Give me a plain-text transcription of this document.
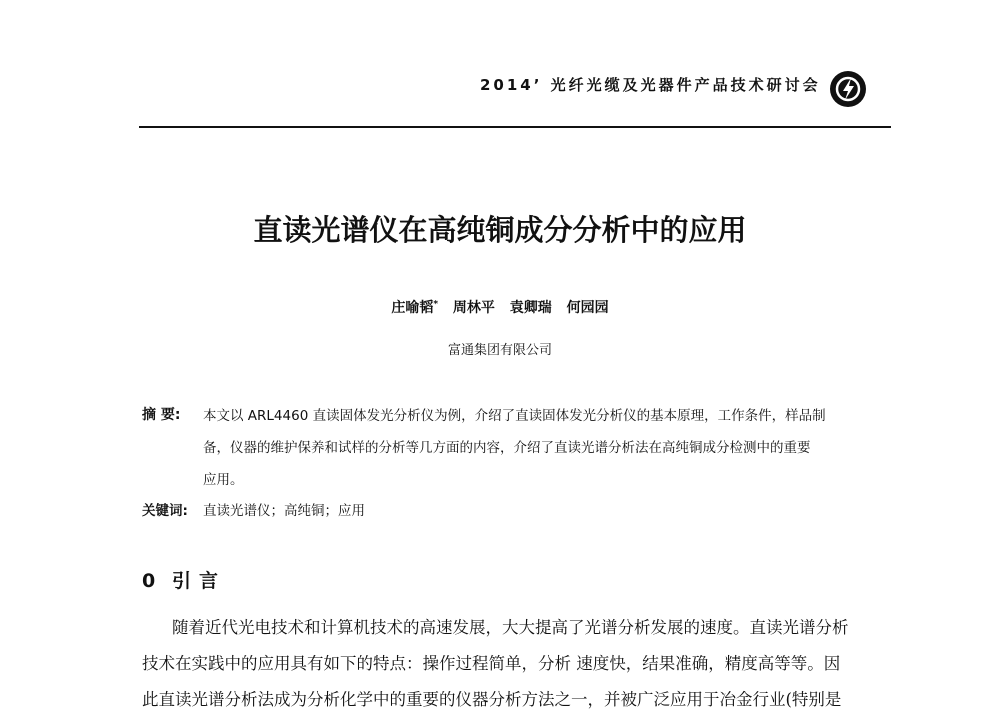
2014’ 光纤光缆及光器件产品技术研讨会
直读光谱仪在高纯铜成分分析中的应用
庄喻韬* 周林平 袁卿瑞 何园园
富通集团有限公司
摘 要: 本文以 ARL4460 直读固体发光分析仪为例，介绍了直读固体发光分析仪的基本原理，工作条件，样品制
备，仪器的维护保养和试样的分析等几方面的内容，介绍了直读光谱分析法在高纯铜成分检测中的重要
应用。
关键词: 直读光谱仪；高纯铜；应用
0 引言
随着近代光电技术和计算机技术的高速发展，大大提高了光谱分析发展的速度。直读光谱分析
技术在实践中的应用具有如下的特点：操作过程简单，分析 速度快，结果准确，精度高等等。因
此直读光谱分析法成为分析化学中的重要的仪器分析方法之一，并被广泛应用于冶金行业(特别是
